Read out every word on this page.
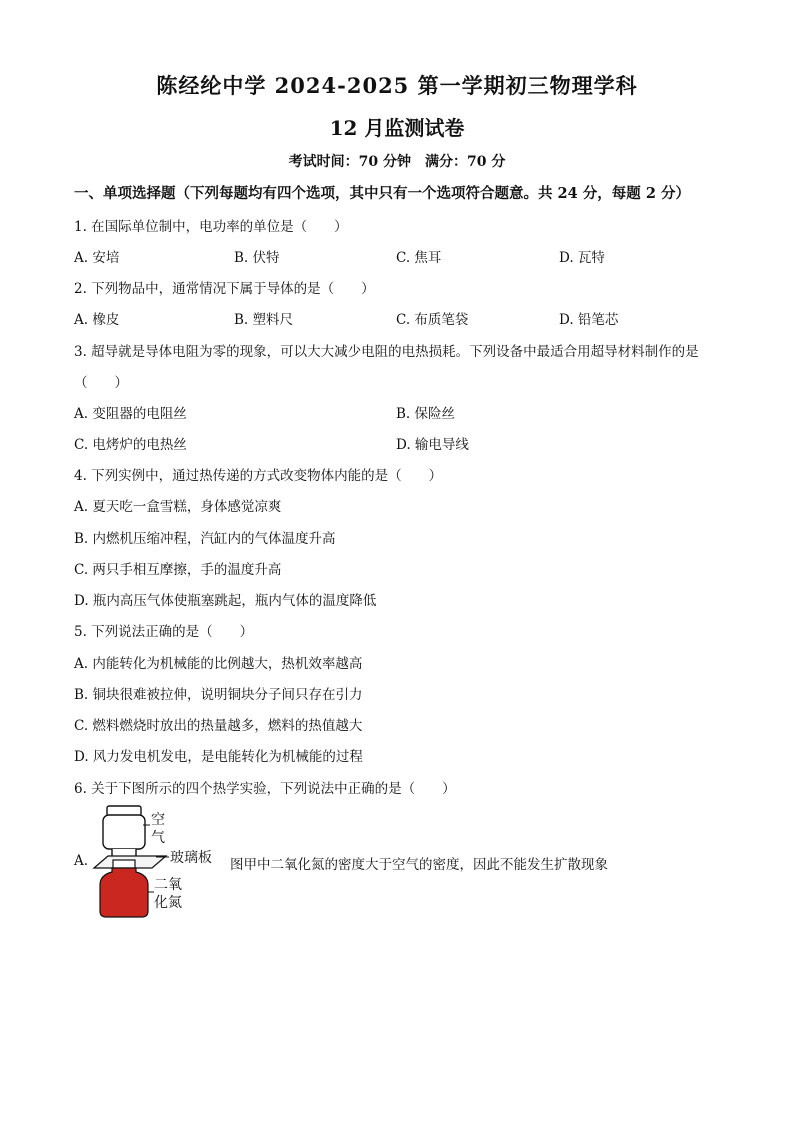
陈经纶中学 2024-2025 第一学期初三物理学科
12 月监测试卷
考试时间：70 分钟　满分：70 分
一、单项选择题（下列每题均有四个选项，其中只有一个选项符合题意。共 24 分，每题 2 分）
1. 在国际单位制中，电功率的单位是（　　）
A. 安培	B. 伏特	C. 焦耳	D. 瓦特
2. 下列物品中，通常情况下属于导体的是（　　）
A. 橡皮	B. 塑料尺	C. 布质笔袋	D. 铅笔芯
3. 超导就是导体电阻为零的现象，可以大大减少电阻的电热损耗。下列设备中最适合用超导材料制作的是
（　　）
A. 变阻器的电阻丝	B. 保险丝
C. 电烤炉的电热丝	D. 输电导线
4. 下列实例中，通过热传递的方式改变物体内能的是（　　）
A. 夏天吃一盒雪糕，身体感觉凉爽
B. 内燃机压缩冲程，汽缸内的气体温度升高
C. 两只手相互摩擦，手的温度升高
D. 瓶内高压气体使瓶塞跳起，瓶内气体的温度降低
5. 下列说法正确的是（　　）
A. 内能转化为机械能的比例越大，热机效率越高
B. 铜块很难被拉伸，说明铜块分子间只存在引力
C. 燃料燃烧时放出的热量越多，燃料的热值越大
D. 风力发电机发电，是电能转化为机械能的过程
6. 关于下图所示的四个热学实验，下列说法中正确的是（　　）
A.
空
气
玻璃板
二氧
化氮
图甲中二氧化氮的密度大于空气的密度，因此不能发生扩散现象
